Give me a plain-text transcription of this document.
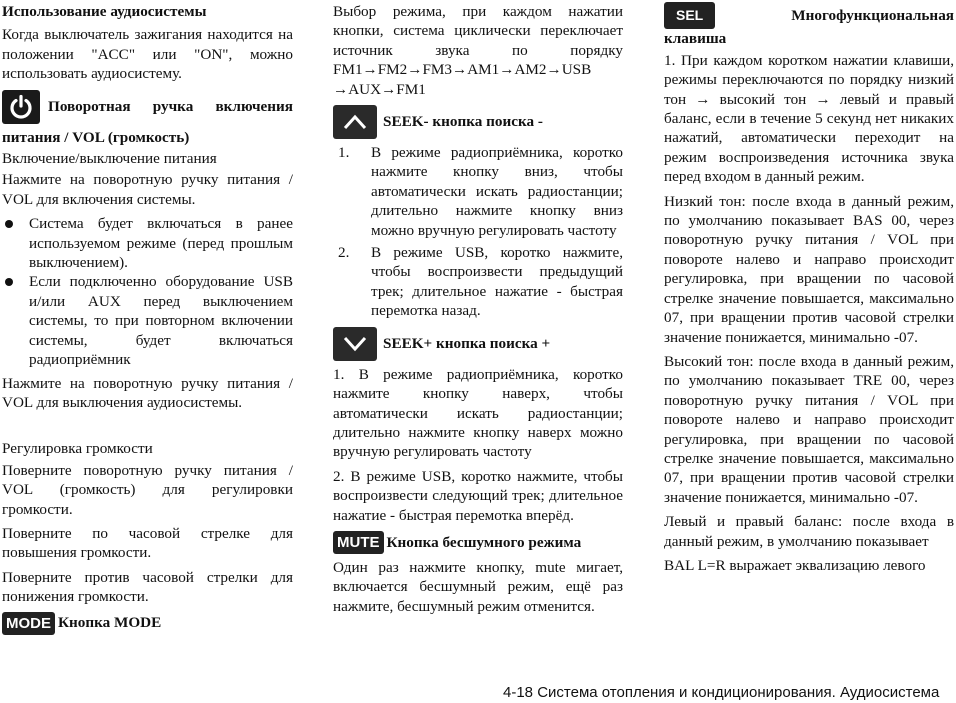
Использование аудиосистемы

Когда выключатель зажигания находится на положении "ACC" или "ON", можно использовать аудиосистему.

Поворотная ручка включения

питания / VOL (громкость)

Включение/выключение питания

Нажмите на поворотную ручку питания / VOL для включения системы.

Система будет включаться в ранее используемом режиме (перед прошлым выключением).
Если подключенно оборудование USB и/или AUX перед выключением системы, то при повторном включении системы, будет включаться радиоприёмник

Нажмите на поворотную ручку питания / VOL для выключения аудиосистемы.

Регулировка громкости

Поверните поворотную ручку питания / VOL (громкость) для регулировки громкости.

Поверните по часовой стрелке для повышения громкости.

Поверните против часовой стрелки для понижения громкости.

MODE Кнопка MODE

Выбор режима, при каждом нажатии кнопки, система циклически переключает источник звука по порядку FM1→FM2→FM3→AM1→AM2→USB →AUX→FM1

SEEK- кнопка поиска -
1. В режиме радиоприёмника, коротко нажмите кнопку вниз, чтобы автоматически искать радиостанции; длительно нажмите кнопку вниз можно вручную регулировать частоту
2. В режиме USB, коротко нажмите, чтобы воспроизвести предыдущий трек; длительное нажатие - быстрая перемотка назад.
SEEK+ кнопка поиска +

1. В режиме радиоприёмника, коротко нажмите кнопку наверх, чтобы автоматически искать радиостанции; длительно нажмите кнопку наверх можно вручную регулировать частоту

2. В режиме USB, коротко нажмите, чтобы воспроизвести следующий трек; длительное нажатие - быстрая перемотка вперёд.

MUTE Кнопка бесшумного режима

Один раз нажмите кнопку, mute мигает, включается бесшумный режим, ещё раз нажмите, бесшумный режим отменится.

SEL	Многофункциональная

клавиша

1. При каждом коротком нажатии клавиши, режимы переключаются по порядку низкий тон → высокий тон → левый и правый баланс, если в течение 5 секунд нет никаких нажатий, автоматически переходит на режим воспроизведения источника звука перед входом в данный режим.

Низкий тон: после входа в данный режим, по умолчанию показывает BAS 00, через поворотную ручку питания / VOL при повороте налево и направо происходит регулировка, при вращении по часовой стрелке значение повышается, максимально 07, при вращении против часовой стрелки значение понижается, минимально -07.

Высокий тон: после входа в данный режим, по умолчанию показывает TRE 00, через поворотную ручку питания / VOL при повороте налево и направо происходит регулировка, при вращении по часовой стрелке значение повышается, максимально 07, при вращении против часовой стрелки значение понижается, минимально -07.

Левый и правый баланс: после входа в данный режим, в умолчанию показывает

BAL L=R выражает эквализацию левого

4-18 Система отопления и кондиционирования. Аудиосистема
